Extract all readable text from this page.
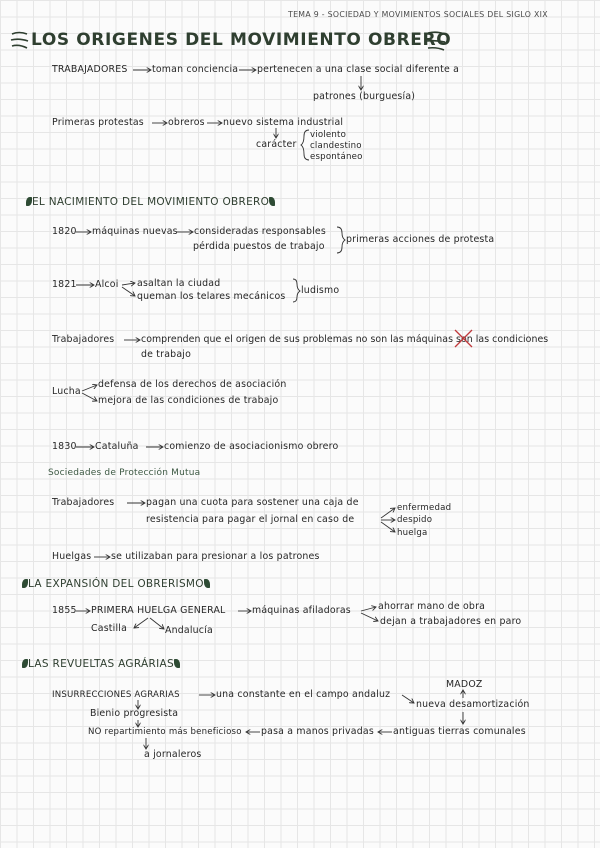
TEMA 9 - SOCIEDAD Y MOVIMIENTOS SOCIALES DEL SIGLO XIX
LOS ORIGENES DEL MOVIMIENTO OBRERO
TRABAJADORES	toman conciencia pertenecen a una clase social diferente a
patrones (burguesía)
Primeras protestas	obreros nuevo sistema industrial
carácter
violento
clandestino
espontáneo
EL NACIMIENTO DEL MOVIMIENTO OBRERO
1820 máquinas nuevas consideradas responsables
pérdida puestos de trabajo
primeras acciones de protesta
1821 Alcoi asaltan la ciudad
queman los telares mecánicos
ludismo
Trabajadores	comprenden que el origen de sus problemas no son las máquinas son las condiciones
de trabajo
Lucha
defensa de los derechos de asociación
mejora de las condiciones de trabajo
1830 Cataluña	comienzo de asociacionismo obrero
Sociedades de Protección Mutua
Trabajadores	pagan una cuota para sostener una caja de
resistencia para pagar el jornal en caso de
enfermedad
despido
huelga
Huelgas se utilizaban para presionar a los patrones
LA EXPANSIÓN DEL OBRERISMO
1855 PRIMERA HUELGA GENERAL	máquinas afiladoras	ahorrar mano de obra
dejan a trabajadores en paro
Castilla	Andalucía
LAS REVUELTAS AGRÁRIAS
MADOZ
INSURRECCIONES AGRARIAS	una constante en el campo andaluz
nueva desamortización
Bienio progresista
NO repartimiento más beneficioso pasa a manos privadas antiguas tierras comunales
a jornaleros
